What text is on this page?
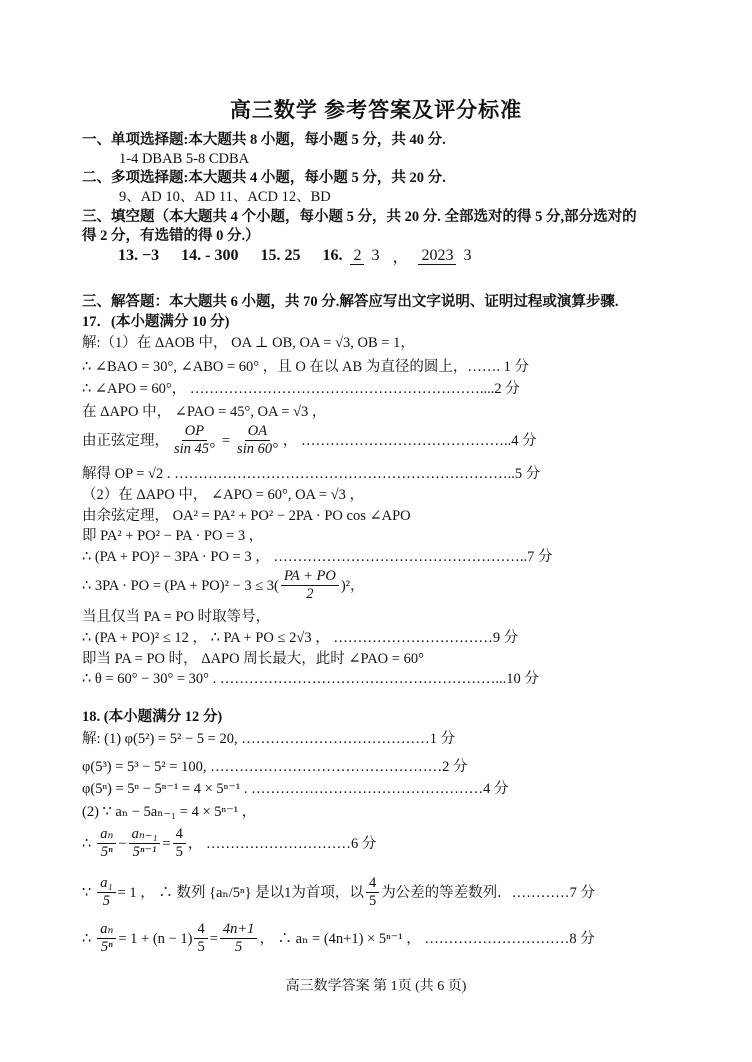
高三数学 参考答案及评分标准
一、单项选择题:本大题共 8 小题，每小题 5 分，共 40 分.
1-4 DBAB 5-8 CDBA
二、多项选择题:本大题共 4 小题，每小题 5 分，共 20 分.
9、AD 10、AD 11、ACD 12、BD
三、填空题（本大题共 4 个小题，每小题 5 分，共 20 分. 全部选对的得 5 分,部分选对的
得 2 分，有选错的得 0 分.）
13. −3 14. - 300 15. 25 16. 2 3 ， 2023 3
三、解答题：本大题共 6 小题，共 70 分.解答应写出文字说明、证明过程或演算步骤.
17．(本小题满分 10 分)
解:（1）在 ΔAOB 中， OA ⊥ OB, OA = √3, OB = 1，
∴ ∠BAO = 30°, ∠ABO = 60° ，且 O 在以 AB 为直径的圆上，……. 1 分
∴ ∠APO = 60°， ……………………………………………………....2 分
在 ΔAPO 中， ∠PAO = 45°, OA = √3 ，
由正弦定理， $\frac{OP}{\sin 45^\circ} = \frac{OA}{\sin 60^\circ}$ ， ……………………………………..4 分
解得 OP = √2 . ……………………………………………………………..5 分
（2）在 ΔAPO 中， ∠APO = 60°, OA = √3 ，
由余弦定理， OA² = PA² + PO² − 2PA · PO cos ∠APO
即 PA² + PO² − PA · PO = 3 ，
∴ (PA + PO)² − 3PA · PO = 3 ， ……………………………………………..7 分
∴ 3PA · PO = $(PA + PO)^2 - 3 \le 3( \frac{PA + PO}{2} )^2$，
当且仅当 PA = PO 时取等号，
∴ (PA + PO)² ≤ 12 ， ∴ PA + PO ≤ 2√3 ， ……………………………9 分
即当 PA = PO 时， ΔAPO 周长最大，此时 ∠PAO = 60°
∴ θ = 60° − 30° = 30° . …………………………………………………...10 分
18. (本小题满分 12 分)
解: (1) φ(5²) = 5² − 5 = 20, …………………………………1 分
φ(5³) = 5³ − 5² = 100, …………………………………………2 分
φ(5ⁿ) = 5ⁿ − 5ⁿ⁻¹ = 4 × 5ⁿ⁻¹ . …………………………………………4 分
(2) ∵ aₙ − 5aₙ₋₁ = 4 × 5ⁿ⁻¹ ，
∴ $\frac{\text{aₙ}}{\text{5ⁿ}} - \frac{\text{aₙ₋₁}}{\text{5ⁿ⁻¹}} = \frac{4}{5}$ ， …………………………6 分
∵ $\frac{\text{a₁}}{5} = 1$ ， ∴ 数列 {aₙ/5ⁿ} 是以1为首项，以 $\frac{4}{5}$ 为公差的等差数列．…………7 分
∴ $\frac{\text{aₙ}}{\text{5ⁿ}} = 1 + (n - 1) \frac{4}{5} = \frac{4n+1}{5}$ ， ∴ aₙ = (4n+1) × 5ⁿ⁻¹ ， …………………………8 分
高三数学答案 第 1页 (共 6 页)
